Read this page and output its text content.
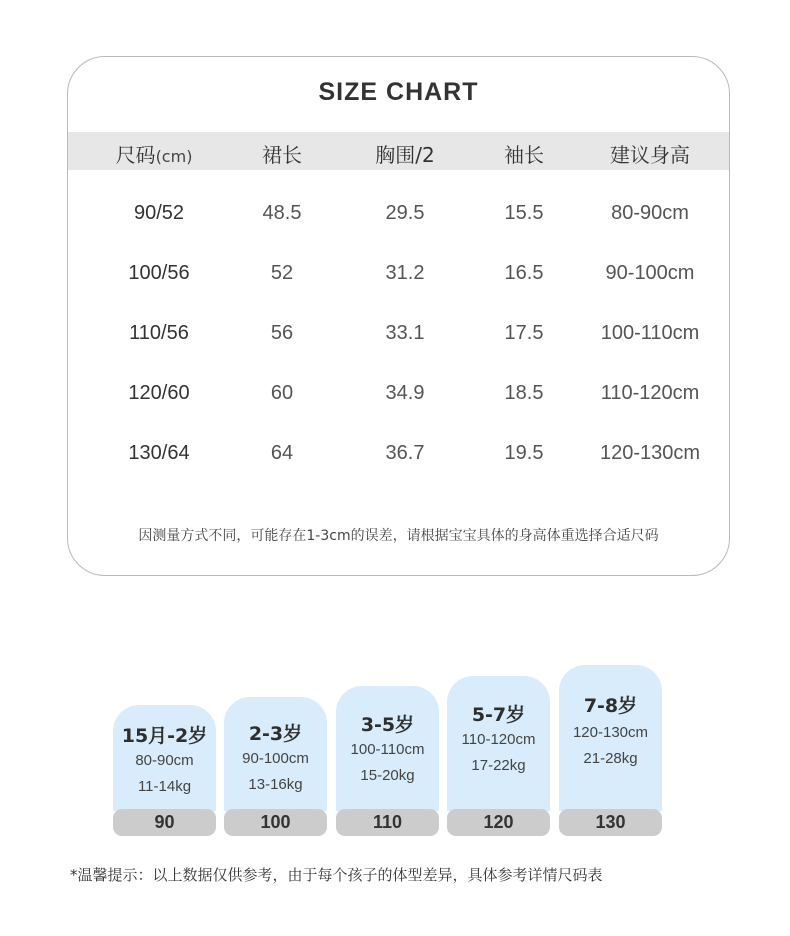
SIZE CHART
尺码(cm)	裙长	胸围/2	袖长	建议身高
90/52	48.5	29.5	15.5	80-90cm
100/56	52	31.2	16.5	90-100cm
110/56	56	33.1	17.5	100-110cm
120/60	60	34.9	18.5	110-120cm
130/64	64	36.7	19.5	120-130cm
因测量方式不同，可能存在1-3cm的误差，请根据宝宝具体的身高体重选择合适尺码
15月-2岁
80-90cm
11-14kg
90
2-3岁
90-100cm
13-16kg
100
3-5岁
100-110cm
15-20kg
110
5-7岁
110-120cm
17-22kg
120
7-8岁
120-130cm
21-28kg
130
*温馨提示：以上数据仅供参考，由于每个孩子的体型差异，具体参考详情尺码表
